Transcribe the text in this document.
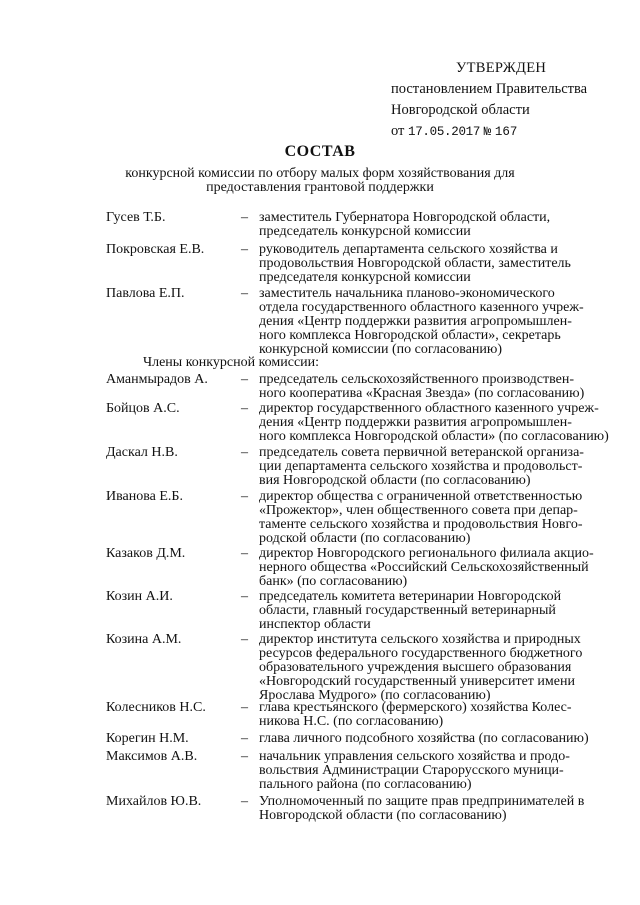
УТВЕРЖДЕН
постановлением Правительства
Новгородской области
от 17.05.2017 № 167
СОСТАВ
конкурсной комиссии по отбору малых форм хозяйствования для
предоставления грантовой поддержки
Гусев Т.Б.	– заместитель Губернатора Новгородской области,
председатель конкурсной комиссии
Покровская Е.В.	– руководитель департамента сельского хозяйства и
продовольствия Новгородской области, заместитель
председателя конкурсной комиссии
Павлова Е.П.	– заместитель начальника планово-экономического
отдела государственного областного казенного учреж-
дения «Центр поддержки развития агропромышлен-
ного комплекса Новгородской области», секретарь
конкурсной комиссии (по согласованию)
Члены конкурсной комиссии:
Аманмырадов А. – председатель сельскохозяйственного производствен-
ного кооператива «Красная Звезда» (по согласованию)
Бойцов А.С.	– директор государственного областного казенного учреж-
дения «Центр поддержки развития агропромышлен-
ного комплекса Новгородской области» (по согласованию)
Даскал Н.В.	– председатель совета первичной ветеранской организа-
ции департамента сельского хозяйства и продовольст-
вия Новгородской области (по согласованию)
Иванова Е.Б.	– директор общества с ограниченной ответственностью
«Прожектор», член общественного совета при депар-
таменте сельского хозяйства и продовольствия Новго-
родской области (по согласованию)
Казаков Д.М.	– директор Новгородского регионального филиала акцио-
нерного общества «Российский Сельскохозяйственный
банк» (по согласованию)
Козин А.И.	– председатель комитета ветеринарии Новгородской
области, главный государственный ветеринарный
инспектор области
Козина А.М.	– директор института сельского хозяйства и природных
ресурсов федерального государственного бюджетного
образовательного учреждения высшего образования
«Новгородский государственный университет имени
Ярослава Мудрого» (по согласованию)
Колесников Н.С.	– глава крестьянского (фермерского) хозяйства Колес-
никова Н.С. (по согласованию)
Корегин Н.М.	– глава личного подсобного хозяйства (по согласованию)
Максимов А.В.	– начальник управления сельского хозяйства и продо-
вольствия Администрации Старорусского муници-
пального района (по согласованию)
Михайлов Ю.В.	– Уполномоченный по защите прав предпринимателей в
Новгородской области (по согласованию)
